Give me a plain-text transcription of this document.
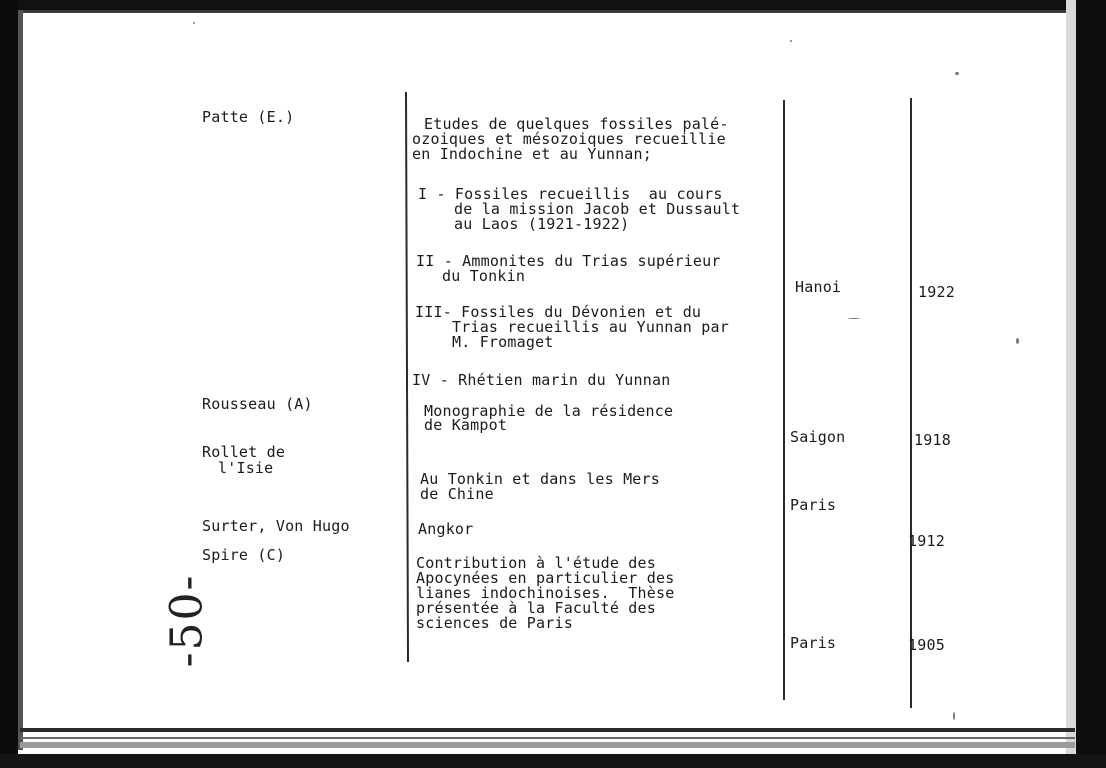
Patte (E.)

Rousseau (A)

Rollet de

l'Isie

Surter, Von Hugo

Spire (C)

Etudes de quelques fossiles palé-

ozoiques et mésozoiques recueillie

en Indochine et au Yunnan;

I - Fossiles recueillis  au cours

de la mission Jacob et Dussault

au Laos (1921-1922)

II - Ammonites du Trias supérieur

du Tonkin

III- Fossiles du Dévonien et du

Trias recueillis au Yunnan par

M. Fromaget

IV - Rhétien marin du Yunnan

Monographie de la résidence

de Kampot

Au Tonkin et dans les Mers

de Chine

Angkor

Contribution à l'étude des

Apocynées en particulier des

lianes indochinoises.  Thèse

présentée à la Faculté des

sciences de Paris

Hanoi

Saigon

Paris

Paris

1922

1918

1912

1905

-50-
